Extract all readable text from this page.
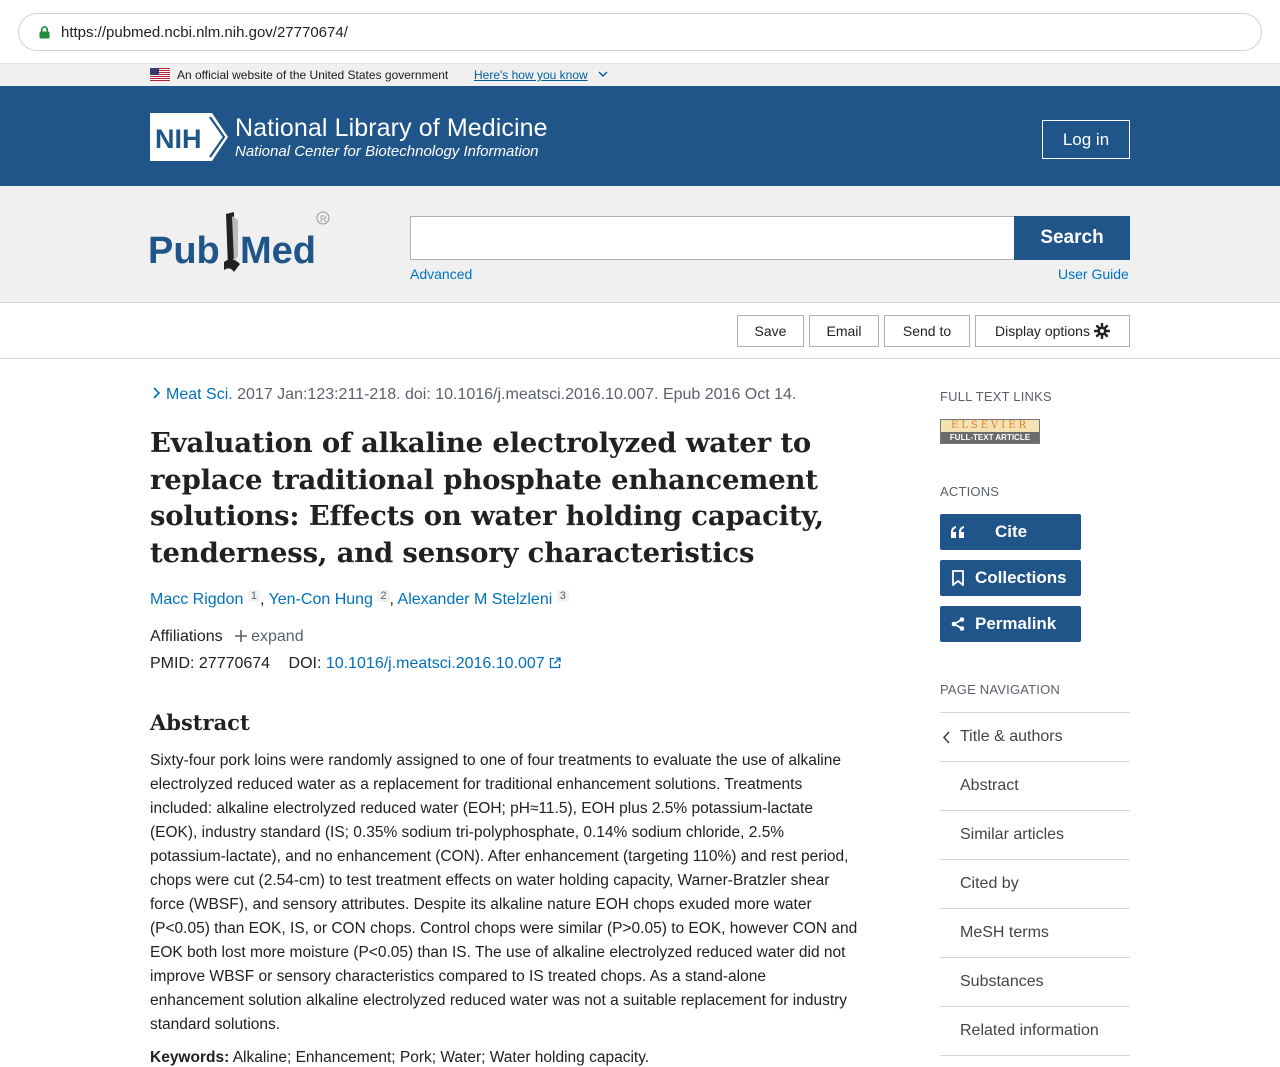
https://pubmed.ncbi.nlm.nih.gov/27770674/
An official website of the United States government Here's how you know
NIH National Library of Medicine
National Center for Biotechnology Information
Log in
Pub Med
R
Search
Advanced	User Guide
Save	Email	Send to	Display options
Meat Sci. 2017 Jan:123:211-218. doi: 10.1016/j.meatsci.2016.10.007. Epub 2016 Oct 14.
Evaluation of alkaline electrolyzed water to replace traditional phosphate enhancement solutions: Effects on water holding capacity, tenderness, and sensory characteristics
Macc Rigdon $^1$ , Yen-Con Hung $^2$ , Alexander M Stelzleni $^3$
Affiliations expand
PMID: 27770674 DOI: 10.1016/j.meatsci.2016.10.007
Abstract

Sixty-four pork loins were randomly assigned to one of four treatments to evaluate the use of alkaline electrolyzed reduced water as a replacement for traditional enhancement solutions. Treatments included: alkaline electrolyzed reduced water (EOH; pH≈11.5), EOH plus 2.5% potassium-lactate (EOK), industry standard (IS; 0.35% sodium tri-polyphosphate, 0.14% sodium chloride, 2.5% potassium-lactate), and no enhancement (CON). After enhancement (targeting 110%) and rest period, chops were cut (2.54-cm) to test treatment effects on water holding capacity, Warner-Bratzler shear force (WBSF), and sensory attributes. Despite its alkaline nature EOH chops exuded more water (P<0.05) than EOK, IS, or CON chops. Control chops were similar (P>0.05) to EOK, however CON and EOK both lost more moisture (P<0.05) than IS. The use of alkaline electrolyzed reduced water did not improve WBSF or sensory characteristics compared to IS treated chops. As a stand-alone enhancement solution alkaline electrolyzed reduced water was not a suitable replacement for industry standard solutions.

Keywords: Alkaline; Enhancement; Pork; Water; Water holding capacity.
FULL TEXT LINKS
ELSEVIER
FULL-TEXT ARTICLE
ACTIONS
Cite
Collections
Permalink
PAGE NAVIGATION
Title & authors
Abstract
Similar articles
Cited by
MeSH terms
Substances
Related information
